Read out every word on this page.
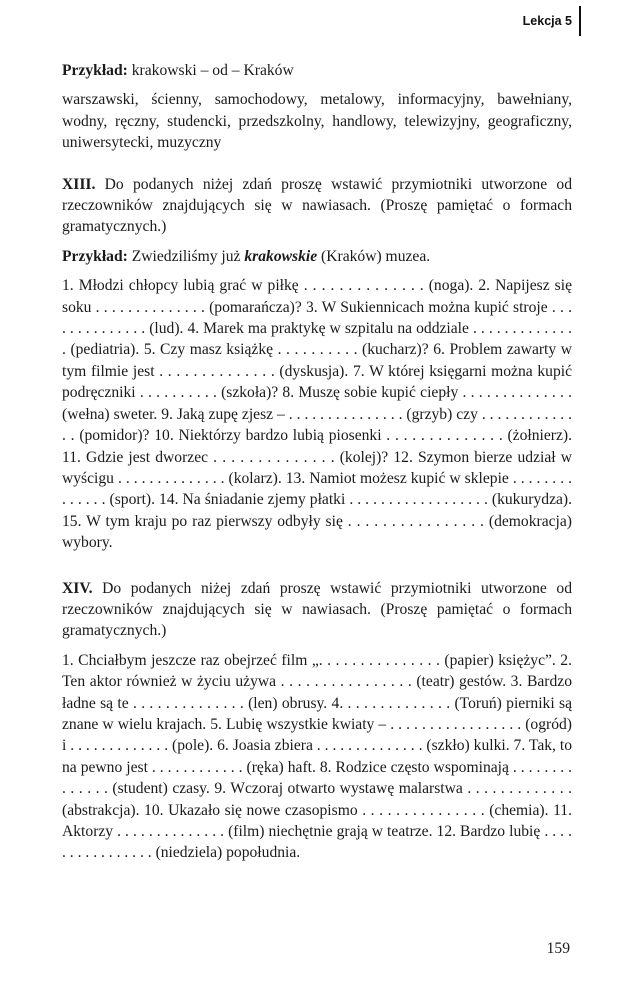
Lekcja 5

Przykład: krakowski – od – Kraków

warszawski, ścienny, samochodowy, metalowy, informacyjny, bawełniany, wodny, ręczny, studencki, przedszkolny, handlowy, telewizyjny, geograficzny, uniwersytecki, muzyczny

XIII. Do podanych niżej zdań proszę wstawić przymiotniki utworzone od rzeczowników znajdujących się w nawiasach. (Proszę pamiętać o formach gramatycznych.)

Przykład: Zwiedziliśmy już krakowskie (Kraków) muzea.

1. Młodzi chłopcy lubią grać w piłkę . . . . . . . . . . . . . . (noga). 2. Napijesz się soku . . . . . . . . . . . . . . (pomarańcza)? 3. W Sukiennicach można kupić stroje . . . . . . . . . . . . . . (lud). 4. Marek ma praktykę w szpitalu na oddziale . . . . . . . . . . . . . . (pediatria). 5. Czy masz książkę . . . . . . . . . . (kucharz)? 6. Problem zawarty w tym filmie jest . . . . . . . . . . . . . . (dyskusja). 7. W której księgarni można kupić podręczniki . . . . . . . . . . (szkoła)? 8. Muszę sobie kupić ciepły . . . . . . . . . . . . . . (wełna) sweter. 9. Jaką zupę zjesz – . . . . . . . . . . . . . . . (grzyb) czy . . . . . . . . . . . . . . (pomidor)? 10. Niektórzy bardzo lubią piosenki . . . . . . . . . . . . . . (żołnierz). 11. Gdzie jest dworzec . . . . . . . . . . . . . . (kolej)? 12. Szymon bierze udział w wyścigu . . . . . . . . . . . . . . (kolarz). 13. Namiot możesz kupić w sklepie . . . . . . . . . . . . . . (sport). 14. Na śniadanie zjemy płatki . . . . . . . . . . . . . . . . . . (kukurydza). 15. W tym kraju po raz pierwszy odbyły się . . . . . . . . . . . . . . . . (demokracja) wybory.

XIV. Do podanych niżej zdań proszę wstawić przymiotniki utworzone od rzeczowników znajdujących się w nawiasach. (Proszę pamiętać o formach gramatycznych.)

1. Chciałbym jeszcze raz obejrzeć film „. . . . . . . . . . . . . . . (papier) księżyc”. 2. Ten aktor również w życiu używa . . . . . . . . . . . . . . . . (teatr) gestów. 3. Bardzo ładne są te . . . . . . . . . . . . . . (len) obrusy. 4. . . . . . . . . . . . . . (Toruń) pierniki są znane w wielu krajach. 5. Lubię wszystkie kwiaty – . . . . . . . . . . . . . . . . . (ogród) i . . . . . . . . . . . . . (pole). 6. Joasia zbiera . . . . . . . . . . . . . . (szkło) kulki. 7. Tak, to na pewno jest . . . . . . . . . . . . (ręka) haft. 8. Rodzice często wspominają . . . . . . . . . . . . . . (student) czasy. 9. Wczoraj otwarto wystawę malarstwa . . . . . . . . . . . . . (abstrakcja). 10. Ukazało się nowe czasopismo . . . . . . . . . . . . . . . (chemia). 11. Aktorzy . . . . . . . . . . . . . . (film) niechętnie grają w teatrze. 12. Bardzo lubię . . . . . . . . . . . . . . . . (niedziela) popołudnia.

159
